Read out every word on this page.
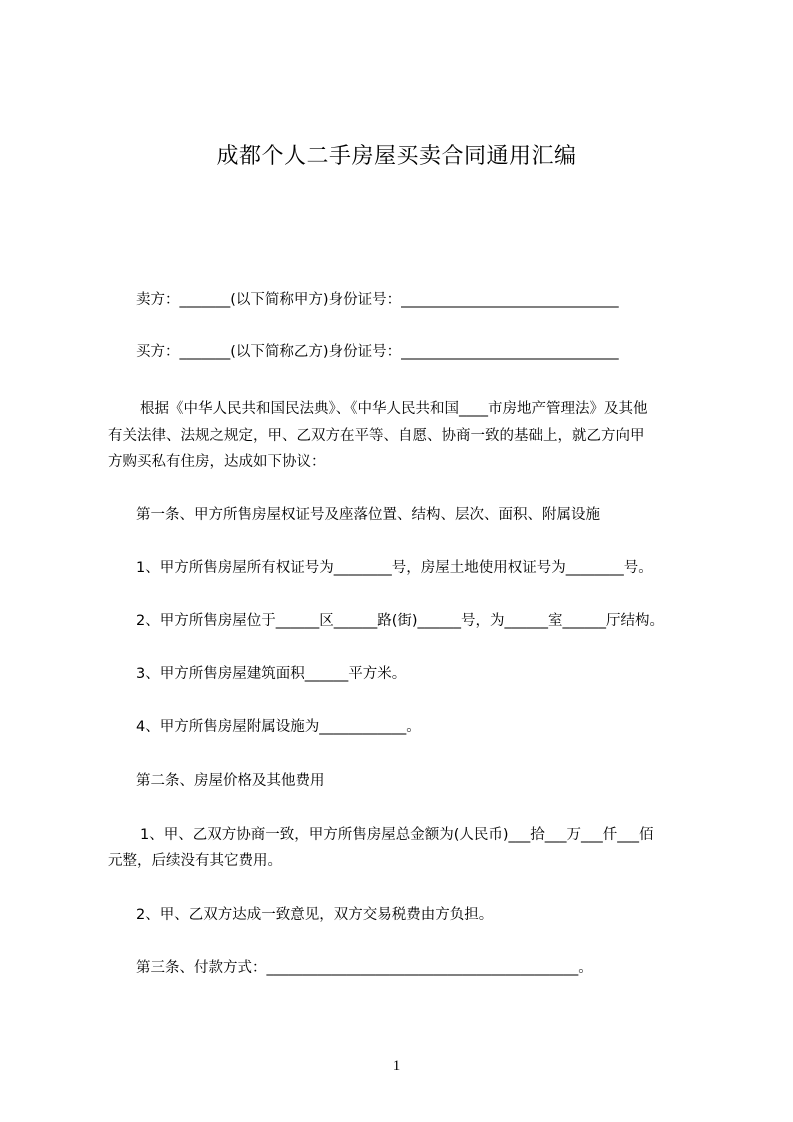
成都个人二手房屋买卖合同通用汇编
卖方：_______(以下简称甲方)身份证号：______________________________
买方：_______(以下简称乙方)身份证号：______________________________
根据《中华人民共和国民法典》、《中华人民共和国____市房地产管理法》及其他
有关法律、法规之规定，甲、乙双方在平等、自愿、协商一致的基础上，就乙方向甲
方购买私有住房，达成如下协议：
第一条、甲方所售房屋权证号及座落位置、结构、层次、面积、附属设施
1、甲方所售房屋所有权证号为________号，房屋土地使用权证号为________号。
2、甲方所售房屋位于______区______路(街)______号，为______室______厅结构。
3、甲方所售房屋建筑面积______平方米。
4、甲方所售房屋附属设施为____________。
第二条、房屋价格及其他费用
1、甲、乙双方协商一致，甲方所售房屋总金额为(人民币)___拾___万___仟___佰
元整，后续没有其它费用。
2、甲、乙双方达成一致意见，双方交易税费由方负担。
第三条、付款方式：___________________________________________。
1
